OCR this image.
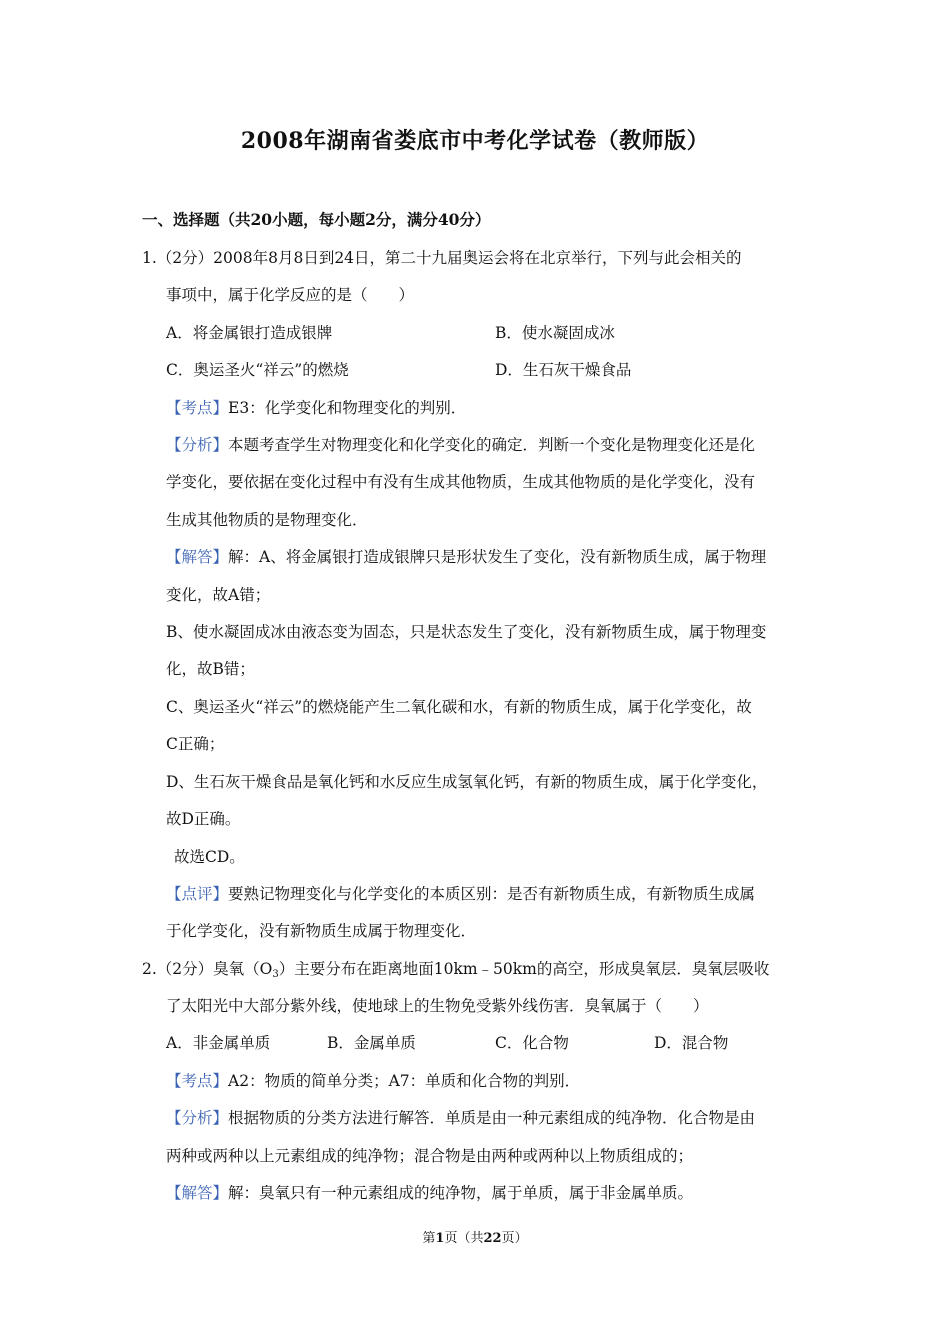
2008年湖南省娄底市中考化学试卷（教师版）
一、选择题（共20小题，每小题2分，满分40分）
1.（2分）2008年8月8日到24日，第二十九届奥运会将在北京举行，下列与此会相关的
事项中，属于化学反应的是（　　）
A．将金属银打造成银牌	B．使水凝固成冰
C．奥运圣火“祥云”的燃烧	D．生石灰干燥食品
【考点】E3：化学变化和物理变化的判别．
【分析】本题考查学生对物理变化和化学变化的确定．判断一个变化是物理变化还是化
学变化，要依据在变化过程中有没有生成其他物质，生成其他物质的是化学变化，没有
生成其他物质的是物理变化．
【解答】解：A、将金属银打造成银牌只是形状发生了变化，没有新物质生成，属于物理
变化，故A错；
B、使水凝固成冰由液态变为固态，只是状态发生了变化，没有新物质生成，属于物理变
化，故B错；
C、奥运圣火“祥云”的燃烧能产生二氧化碳和水，有新的物质生成，属于化学变化，故
C正确；
D、生石灰干燥食品是氧化钙和水反应生成氢氧化钙，有新的物质生成，属于化学变化，
故D正确。
故选CD。
【点评】要熟记物理变化与化学变化的本质区别：是否有新物质生成，有新物质生成属
于化学变化，没有新物质生成属于物理变化．
2.（2分）臭氧$(O_3)$主要分布在距离地面10km﹣50km的高空，形成臭氧层．臭氧层吸收
了太阳光中大部分紫外线，使地球上的生物免受紫外线伤害．臭氧属于（　　）
A．非金属单质	B．金属单质	C．化合物	D．混合物
【考点】A2：物质的简单分类；A7：单质和化合物的判别．
【分析】根据物质的分类方法进行解答．单质是由一种元素组成的纯净物．化合物是由
两种或两种以上元素组成的纯净物；混合物是由两种或两种以上物质组成的；
【解答】解：臭氧只有一种元素组成的纯净物，属于单质，属于非金属单质。
第1页（共22页）
